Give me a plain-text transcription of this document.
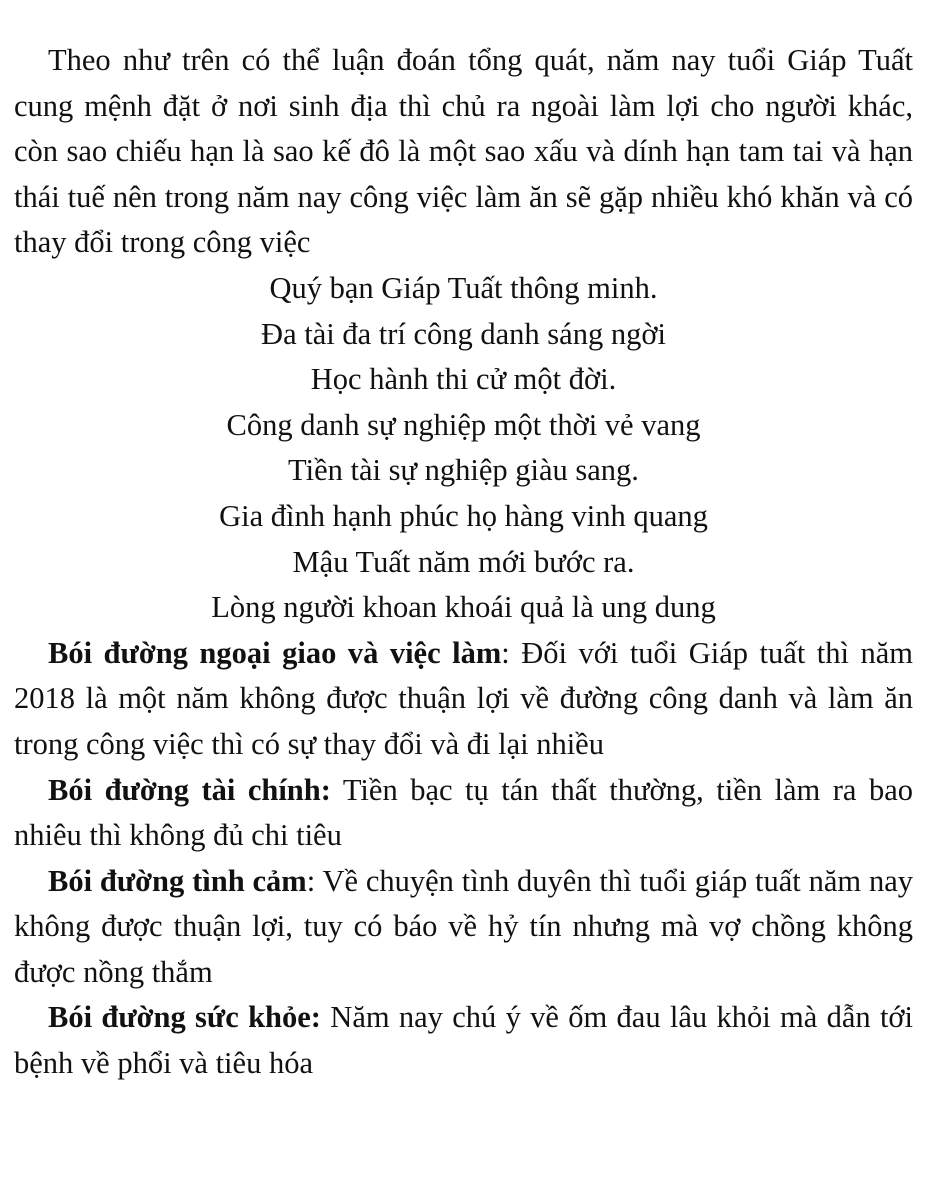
Theo như trên có thể luận đoán tổng quát, năm nay tuổi Giáp Tuất cung mệnh đặt ở nơi sinh địa thì chủ ra ngoài làm lợi cho người khác, còn sao chiếu hạn là sao kế đô là một sao xấu và dính hạn tam tai và hạn thái tuế nên trong năm nay công việc làm ăn sẽ gặp nhiều khó khăn và có thay đổi trong công việc

Quý bạn Giáp Tuất thông minh.
Đa tài đa trí công danh sáng ngời
Học hành thi cử một đời.
Công danh sự nghiệp một thời vẻ vang
Tiền tài sự nghiệp giàu sang.
Gia đình hạnh phúc họ hàng vinh quang
Mậu Tuất năm mới bước ra.
Lòng người khoan khoái quả là ung dung

Bói đường ngoại giao và việc làm: Đối với tuổi Giáp tuất thì năm 2018 là một năm không được thuận lợi về đường công danh và làm ăn trong công việc thì có sự thay đổi và đi lại nhiều

Bói đường tài chính: Tiền bạc tụ tán thất thường, tiền làm ra bao nhiêu thì không đủ chi tiêu

Bói đường tình cảm: Về chuyện tình duyên thì tuổi giáp tuất năm nay không được thuận lợi, tuy có báo về hỷ tín nhưng mà vợ chồng không được nồng thắm

Bói đường sức khỏe: Năm nay chú ý về ốm đau lâu khỏi mà dẫn tới bệnh về phổi và tiêu hóa
